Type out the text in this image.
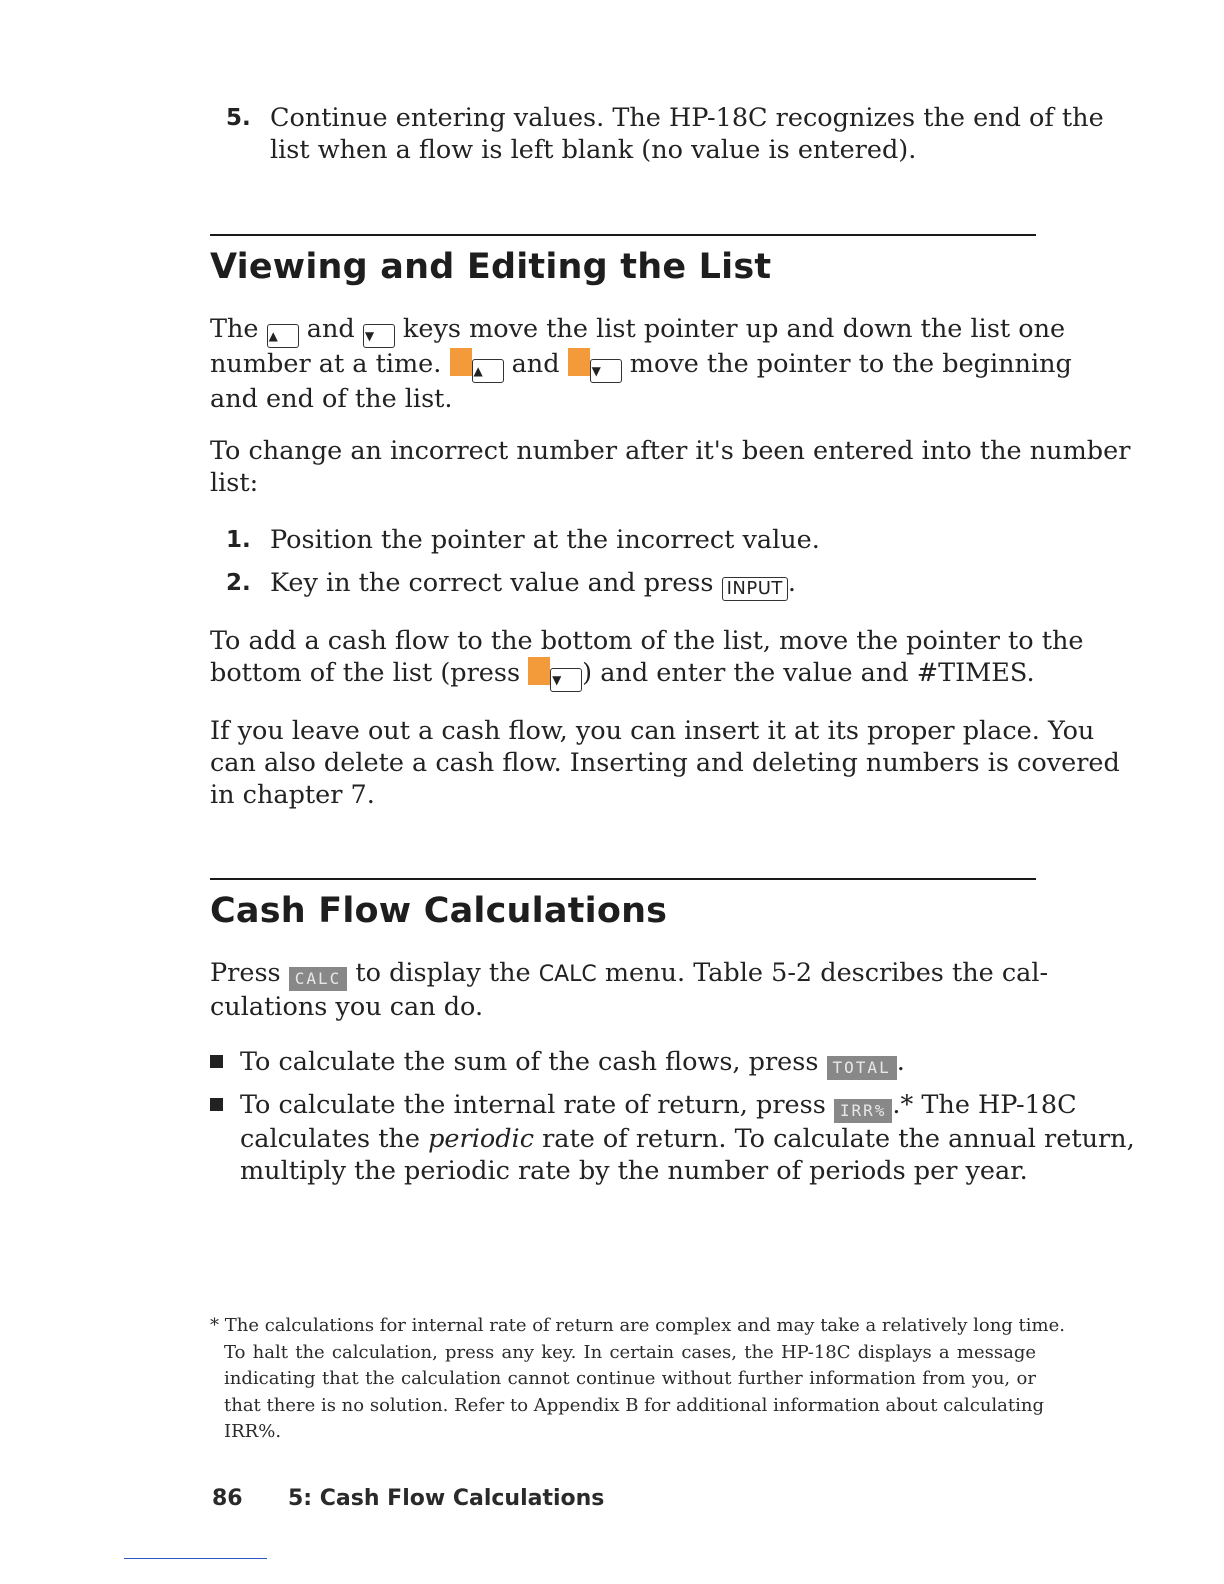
5. Continue entering values. The HP-18C recognizes the end of the
list when a flow is left blank (no value is entered).
Viewing and Editing the List
The ▲ and ▼ keys move the list pointer up and down the list one
number at a time.	▲ and	▼ move the pointer to the beginning
and end of the list.
To change an incorrect number after it's been entered into the number
list:
1. Position the pointer at the incorrect value.
2. Key in the correct value and press INPUT .
To add a cash flow to the bottom of the list, move the pointer to the
bottom of the list (press	▼ ) and enter the value and #TIMES.
If you leave out a cash flow, you can insert it at its proper place. You
can also delete a cash flow. Inserting and deleting numbers is covered
in chapter 7.
Cash Flow Calculations
Press CALC to display the CALC menu. Table 5-2 describes the cal-
culations you can do.
To calculate the sum of the cash flows, press TOTAL .
To calculate the internal rate of return, press IRR% .* The HP-18C
calculates the periodic rate of return. To calculate the annual return,
multiply the periodic rate by the number of periods per year.
* The calculations for internal rate of return are complex and may take a relatively long time.
To halt the calculation, press any key. In certain cases, the HP-18C displays a message
indicating that the calculation cannot continue without further information from you, or
that there is no solution. Refer to Appendix B for additional information about calculating
IRR%.
86 5: Cash Flow Calculations
